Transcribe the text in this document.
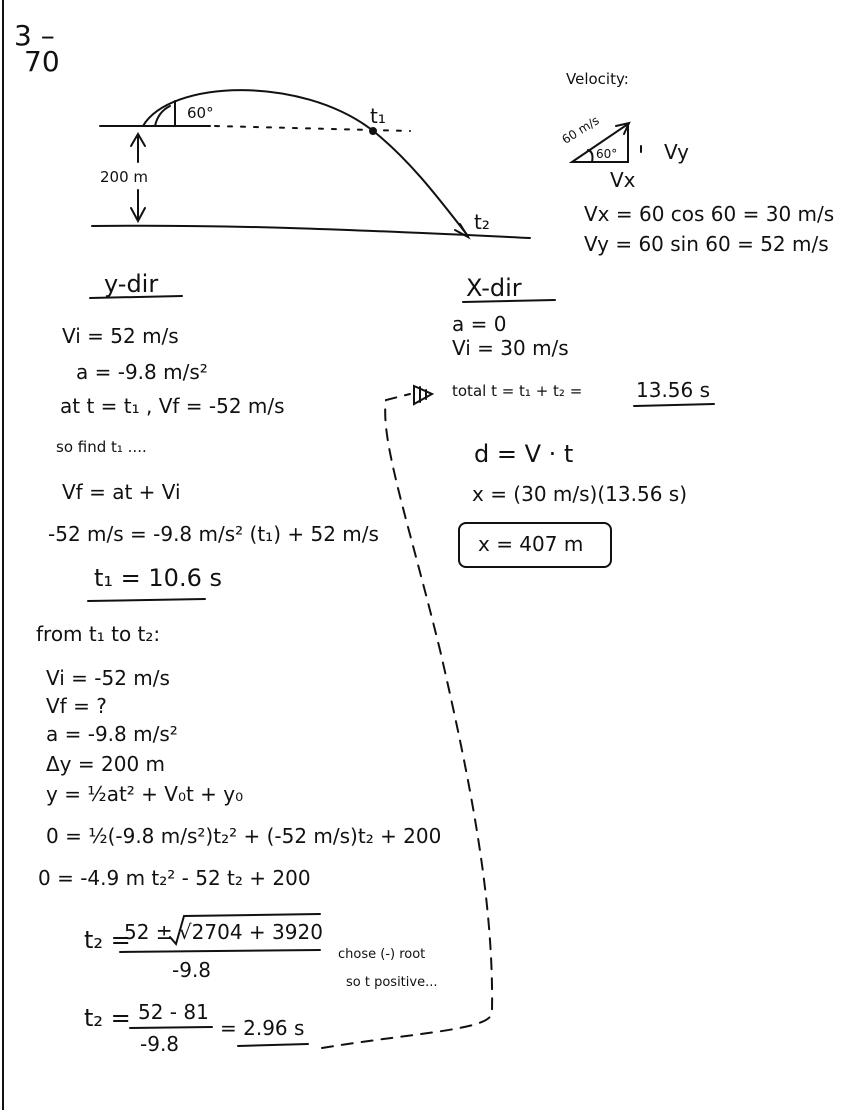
3 –
70
60°
200 m
t₁
t₂
Velocity:
60 m/s
60° Vy
Vx
Vx = 60 cos 60 = 30 m/s
Vy = 60 sin 60 = 52 m/s
y-dir
Vi = 52 m/s
a = -9.8 m/s²
at t = t₁ , Vf = -52 m/s
so find t₁ ....
Vf = at + Vi
-52 m/s = -9.8 m/s² (t₁) + 52 m/s
t₁ = 10.6 s
from t₁ to t₂:
Vi = -52 m/s
Vf = ?
a = -9.8 m/s²
Δy = 200 m
y = ½at² + V₀t + y₀
0 = ½(-9.8 m/s²)t₂² + (-52 m/s)t₂ + 200
0 = -4.9 m t₂² - 52 t₂ + 200
t₂ =
52 ± √2704 + 3920
-9.8
chose (-) root
so t positive...
t₂ = 52 - 81
-9.8
= 2.96 s
X-dir
a = 0
Vi = 30 m/s
total t = t₁ + t₂ =	13.56 s
d = V · t
x = (30 m/s)(13.56 s)
x = 407 m
